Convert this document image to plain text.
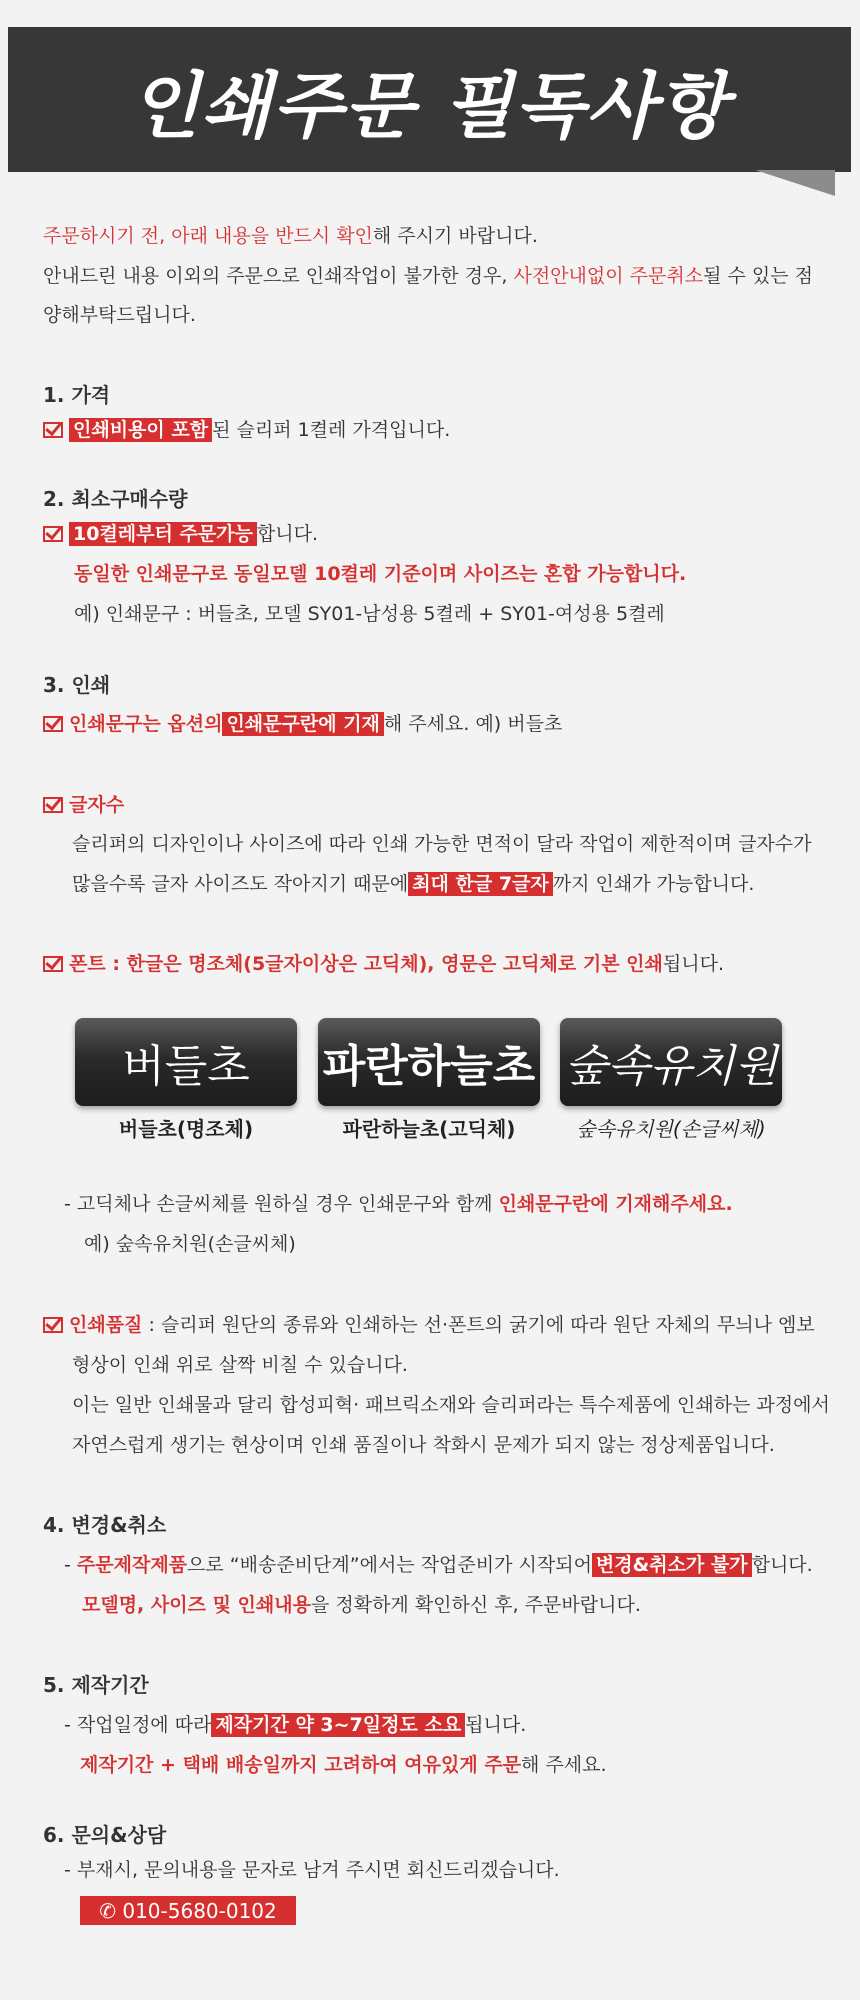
인쇄주문 필독사항
주문하시기 전, 아래 내용을 반드시 확인해 주시기 바랍니다.
안내드린 내용 이외의 주문으로 인쇄작업이 불가한 경우, 사전안내없이 주문취소될 수 있는 점
양해부탁드립니다.
1. 가격
인쇄비용이 포함 된 슬리퍼 1켤레 가격입니다.
2. 최소구매수량
10켤레부터 주문가능 합니다.
동일한 인쇄문구로 동일모델 10켤레 기준이며 사이즈는 혼합 가능합니다.
예) 인쇄문구 : 버들초, 모델 SY01-남성용 5켤레 + SY01-여성용 5켤레
3. 인쇄
인쇄문구는 옵션의 인쇄문구란에 기재 해 주세요. 예) 버들초
글자수
슬리퍼의 디자인이나 사이즈에 따라 인쇄 가능한 면적이 달라 작업이 제한적이며 글자수가
많을수록 글자 사이즈도 작아지기 때문에 최대 한글 7글자 까지 인쇄가 가능합니다.
폰트 : 한글은 명조체(5글자이상은 고딕체), 영문은 고딕체로 기본 인쇄됩니다.
버들초	파란하늘초 숲속유치원
버들초(명조체)	파란하늘초(고딕체)	숲속유치원(손글씨체)
- 고딕체나 손글씨체를 원하실 경우 인쇄문구와 함께 인쇄문구란에 기재해주세요.
예) 숲속유치원(손글씨체)
인쇄품질 : 슬리퍼 원단의 종류와 인쇄하는 선·폰트의 굵기에 따라 원단 자체의 무늬나 엠보
형상이 인쇄 위로 살짝 비칠 수 있습니다.
이는 일반 인쇄물과 달리 합성피혁· 패브릭소재와 슬리퍼라는 특수제품에 인쇄하는 과정에서
자연스럽게 생기는 현상이며 인쇄 품질이나 착화시 문제가 되지 않는 정상제품입니다.
4. 변경&취소
- 주문제작제품으로 “배송준비단계”에서는 작업준비가 시작되어 변경&취소가 불가 합니다.
모델명, 사이즈 및 인쇄내용을 정확하게 확인하신 후, 주문바랍니다.
5. 제작기간
- 작업일정에 따라 제작기간 약 3~7일정도 소요 됩니다.
제작기간 + 택배 배송일까지 고려하여 여유있게 주문해 주세요.
6. 문의&상담
- 부재시, 문의내용을 문자로 남겨 주시면 회신드리겠습니다.
✆ 010-5680-0102
